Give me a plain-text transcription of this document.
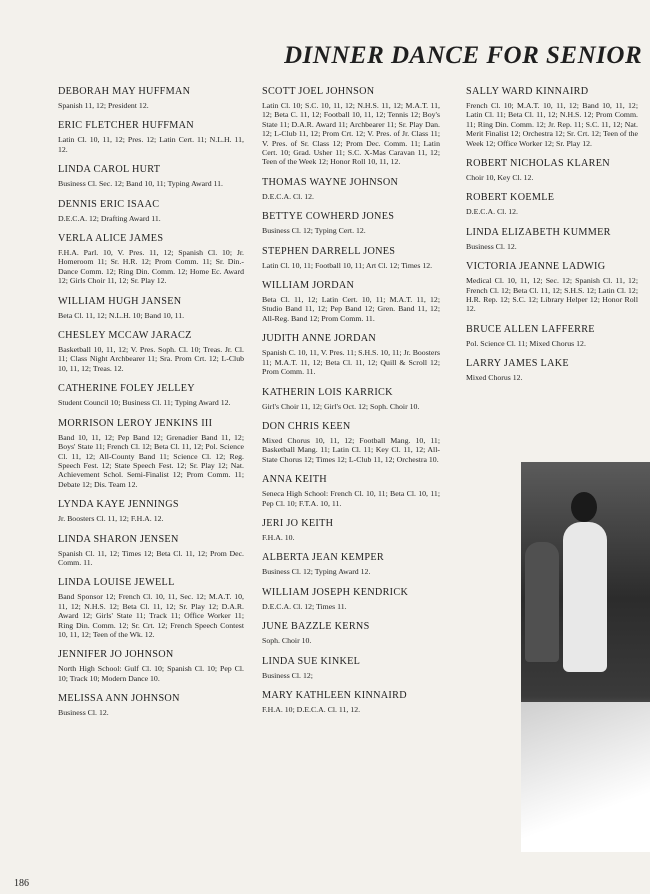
DINNER DANCE FOR SENIOR
DEBORAH MAY HUFFMAN
Spanish 11, 12; President 12.
ERIC FLETCHER HUFFMAN
Latin Cl. 10, 11, 12; Pres. 12; Latin Cert. 11; N.L.H. 11, 12.
LINDA CAROL HURT
Business Cl. Sec. 12; Band 10, 11; Typing Award 11.
DENNIS ERIC ISAAC
D.E.C.A. 12; Drafting Award 11.
VERLA ALICE JAMES
F.H.A. Parl. 10, V. Pres. 11, 12; Spanish Cl. 10; Jr. Homeroom 11; Sr. H.R. 12; Prom Comm. 11; Sr. Din.-Dance Comm. 12; Ring Din. Comm. 12; Home Ec. Award 12; Girls Choir 11, 12; Sr. Play 12.
WILLIAM HUGH JANSEN
Beta Cl. 11, 12; N.L.H. 10; Band 10, 11.
CHESLEY MCCAW JARACZ
Basketball 10, 11, 12; V. Pres. Soph. Cl. 10; Treas. Jr. Cl. 11; Class Night Archbearer 11; Sra. Prom Crt. 12; L-Club 10, 11, 12; Treas. 12.
CATHERINE FOLEY JELLEY
Student Council 10; Business Cl. 11; Typing Award 12.
MORRISON LEROY JENKINS III
Band 10, 11, 12; Pep Band 12; Grenadier Band 11, 12; Boys' State 11; French Cl. 12; Beta Cl. 11, 12; Pol. Science Cl. 11, 12; All-County Band 11; Science Cl. 12; Reg. Speech Fest. 12; State Speech Fest. 12; Sr. Play 12; Nat. Achievement Schol. Semi-Finalist 12; Prom Comm. 11; Debate 12; Dis. Team 12.
LYNDA KAYE JENNINGS
Jr. Boosters Cl. 11, 12; F.H.A. 12.
LINDA SHARON JENSEN
Spanish Cl. 11, 12; Times 12; Beta Cl. 11, 12; Prom Dec. Comm. 11.
LINDA LOUISE JEWELL
Band Sponsor 12; French Cl. 10, 11, Sec. 12; M.A.T. 10, 11, 12; N.H.S. 12; Beta Cl. 11, 12; Sr. Play 12; D.A.R. Award 12; Girls' State 11; Track 11; Office Worker 11; Ring Din. Comm. 12; Sr. Crt. 12; French Speech Contest 10, 11, 12; Teen of the Wk. 12.
JENNIFER JO JOHNSON
North High School: Gulf Cl. 10; Spanish Cl. 10; Pep Cl. 10; Track 10; Modern Dance 10.
MELISSA ANN JOHNSON
Business Cl. 12.
SCOTT JOEL JOHNSON
Latin Cl. 10; S.C. 10, 11, 12; N.H.S. 11, 12; M.A.T. 11, 12; Beta C. 11, 12; Football 10, 11, 12; Tennis 12; Boy's State 11; D.A.R. Award 11; Archbearer 11; Sr. Play Dan. 12; L-Club 11, 12; Prom Crt. 12; V. Pres. of Jr. Class 11; V. Pres. of Sr. Class 12; Prom Dec. Comm. 11; Latin Cert. 10; Grad. Usher 11; S.C. X-Mas Caravan 11, 12; Teen of the Week 12; Honor Roll 10, 11, 12.
THOMAS WAYNE JOHNSON
D.E.C.A. Cl. 12.
BETTYE COWHERD JONES
Business Cl. 12; Typing Cert. 12.
STEPHEN DARRELL JONES
Latin Cl. 10, 11; Football 10, 11; Art Cl. 12; Times 12.
WILLIAM JORDAN
Beta Cl. 11, 12; Latin Cert. 10, 11; M.A.T. 11, 12; Studio Band 11, 12; Pep Band 12; Gren. Band 11, 12; All-Reg. Band 12; Prom Comm. 11.
JUDITH ANNE JORDAN
Spanish C. 10, 11, V. Pres. 11; S.H.S. 10, 11; Jr. Boosters 11; M.A.T. 11, 12; Beta Cl. 11, 12; Quill & Scroll 12; Prom Comm. 11.
KATHERIN LOIS KARRICK
Girl's Choir 11, 12; Girl's Oct. 12; Soph. Choir 10.
DON CHRIS KEEN
Mixed Chorus 10, 11, 12; Football Mang. 10, 11; Basketball Mang. 11; Latin Cl. 11; Key Cl. 11, 12; All-State Chorus 12; Times 12; L-Club 11, 12; Orchestra 10.
ANNA KEITH
Seneca High School: French Cl. 10, 11; Beta Cl. 10, 11; Pep Cl. 10; F.T.A. 10, 11.
JERI JO KEITH
F.H.A. 10.
ALBERTA JEAN KEMPER
Business Cl. 12; Typing Award 12.
WILLIAM JOSEPH KENDRICK
D.E.C.A. Cl. 12; Times 11.
JUNE BAZZLE KERNS
Soph. Choir 10.
LINDA SUE KINKEL
Business Cl. 12;
MARY KATHLEEN KINNAIRD
F.H.A. 10; D.E.C.A. Cl. 11, 12.
SALLY WARD KINNAIRD
French Cl. 10; M.A.T. 10, 11, 12; Band 10, 11, 12; Latin Cl. 11; Beta Cl. 11, 12; N.H.S. 12; Prom Comm. 11; Ring Din. Comm. 12; Jr. Rep. 11; S.C. 11, 12; Nat. Merit Finalist 12; Orchestra 12; Sr. Crt. 12; Teen of the Week 12; Office Worker 12; Sr. Play 12.
ROBERT NICHOLAS KLAREN
Choir 10, Key Cl. 12.
ROBERT KOEMLE
D.E.C.A. Cl. 12.
LINDA ELIZABETH KUMMER
Business Cl. 12.
VICTORIA JEANNE LADWIG
Medical Cl. 10, 11, 12; Sec. 12; Spanish Cl. 11, 12; French Cl. 12; Beta Cl. 11, 12; S.H.S. 12; Latin Cl. 12; H.R. Rep. 12; S.C. 12; Library Helper 12; Honor Roll 12.
BRUCE ALLEN LAFFERRE
Pol. Science Cl. 11; Mixed Chorus 12.
LARRY JAMES LAKE
Mixed Chorus 12.
186
